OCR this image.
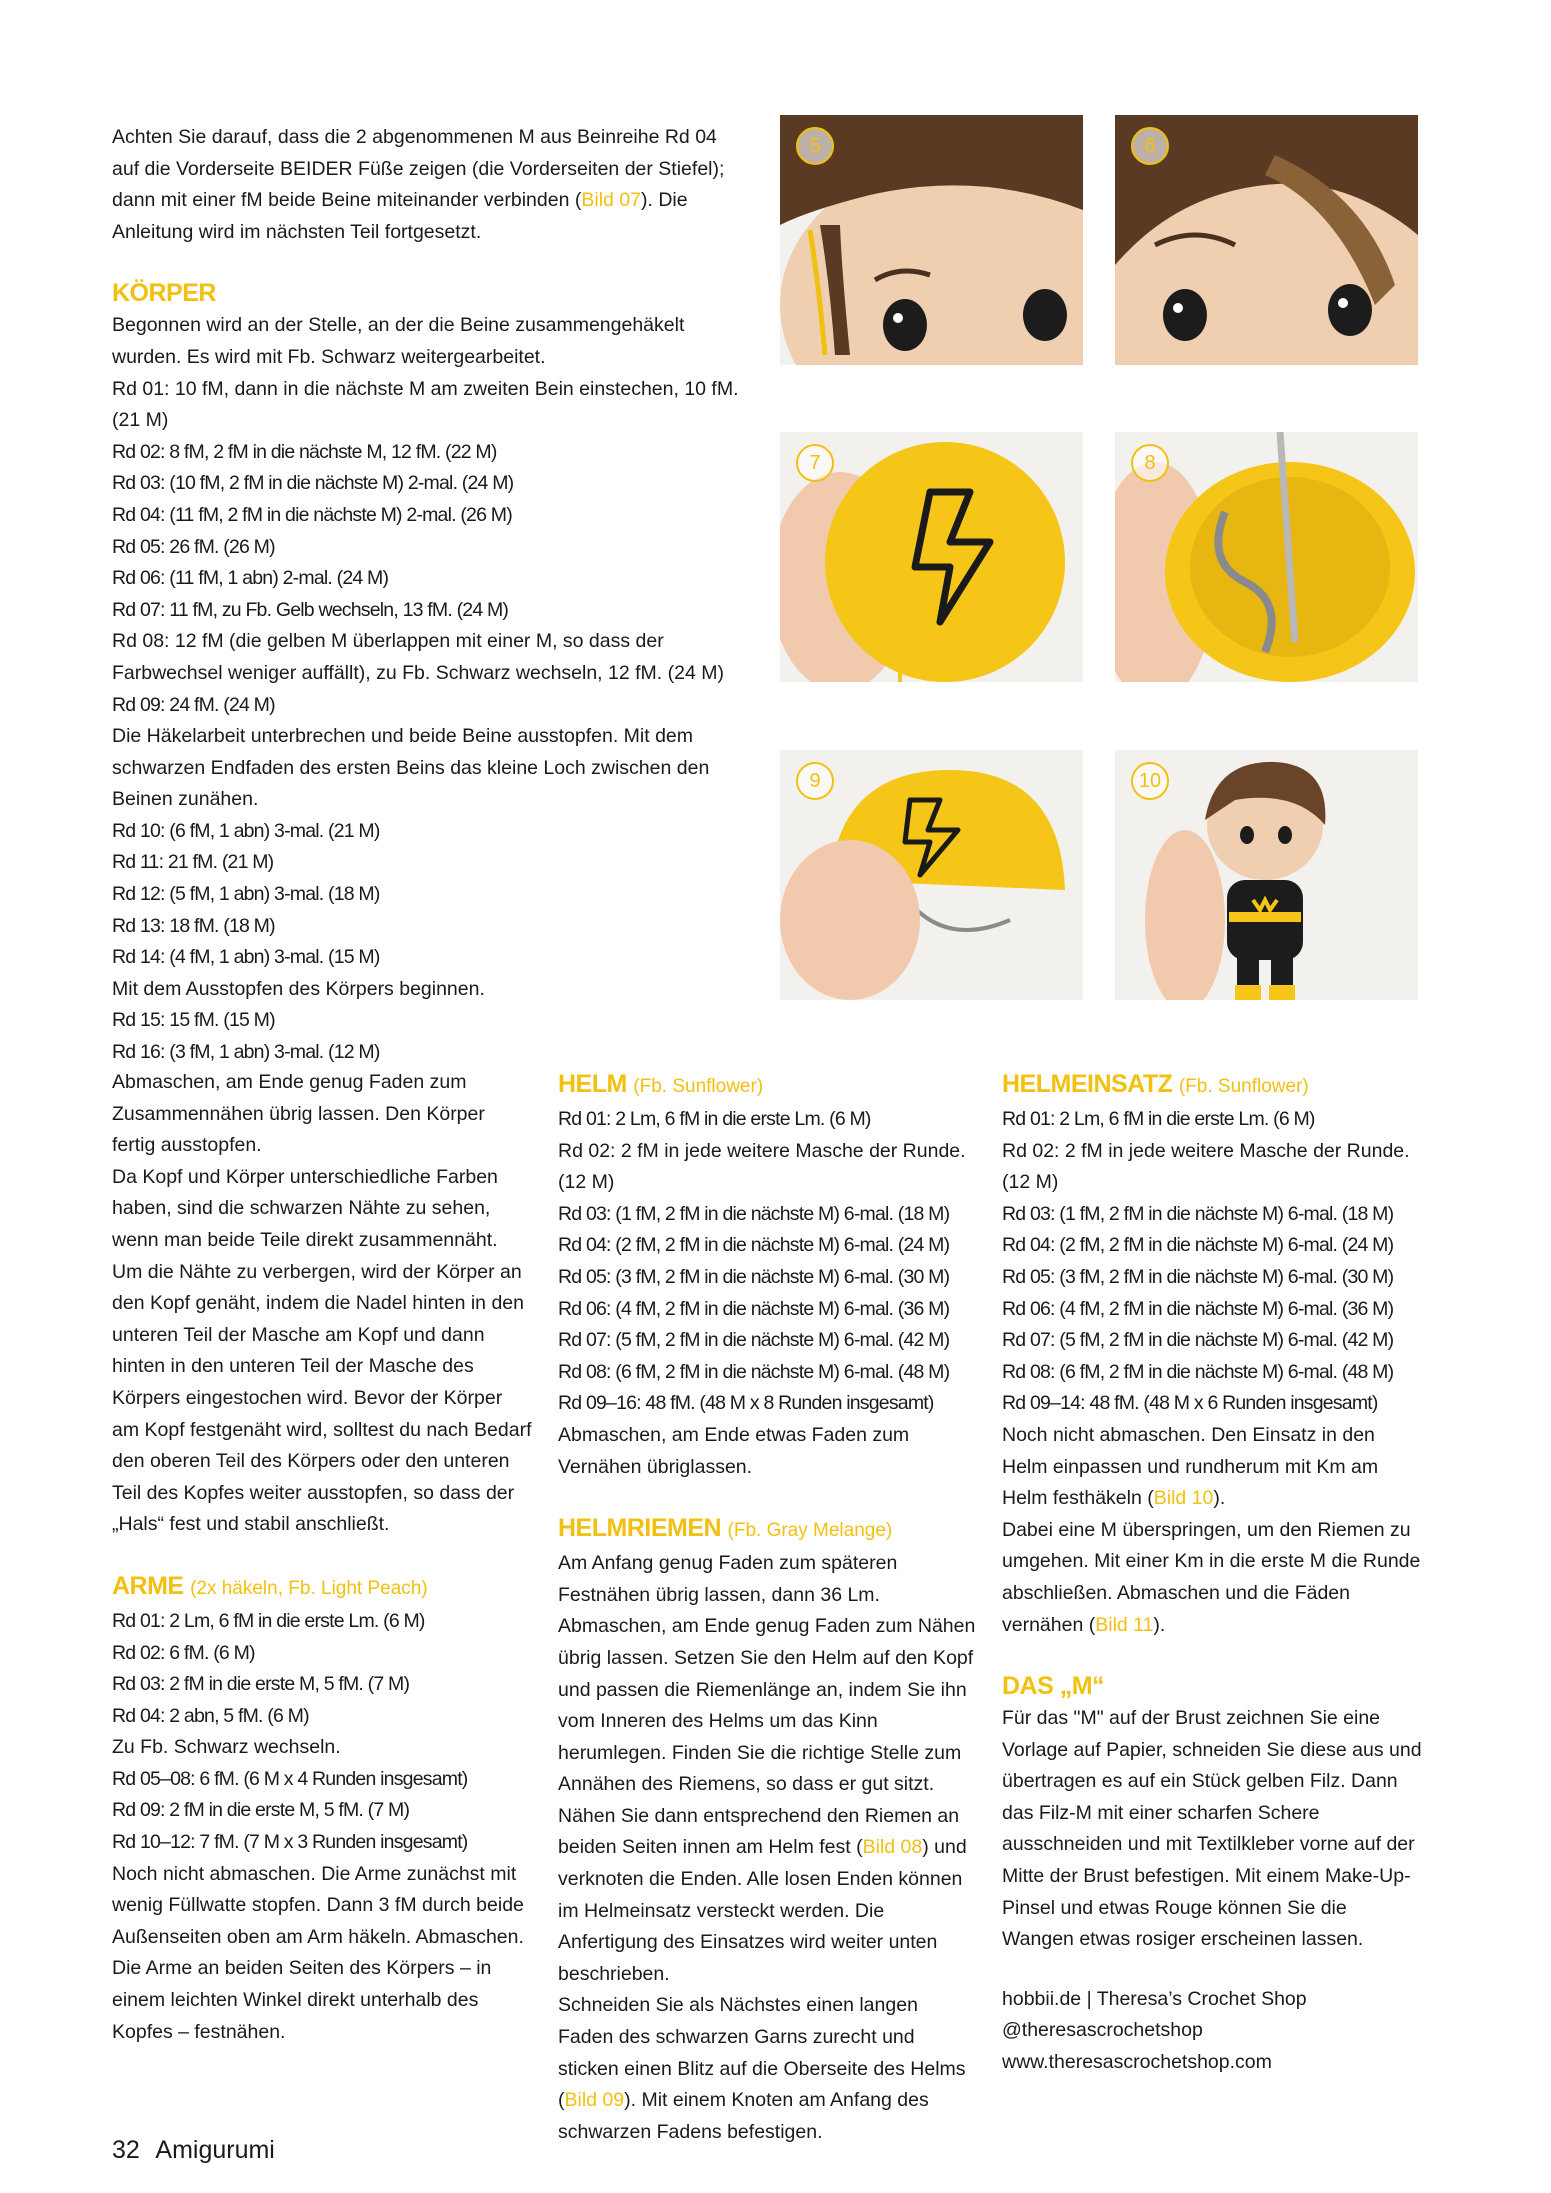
Achten Sie darauf, dass die 2 abgenommenen M aus Beinreihe Rd 04 auf die Vorderseite BEIDER Füße zeigen (die Vorderseiten der Stiefel); dann mit einer fM beide Beine miteinander verbinden (Bild 07). Die Anleitung wird im nächsten Teil fortgesetzt.

KÖRPER

Begonnen wird an der Stelle, an der die Beine zusammengehäkelt wurden. Es wird mit Fb. Schwarz weitergearbeitet.

Rd 01: 10 fM, dann in die nächste M am zweiten Bein einstechen, 10 fM. (21 M)

Rd 02: 8 fM, 2 fM in die nächste M, 12 fM. (22 M)

Rd 03: (10 fM, 2 fM in die nächste M) 2-mal. (24 M)

Rd 04: (11 fM, 2 fM in die nächste M) 2-mal. (26 M)

Rd 05: 26 fM. (26 M)

Rd 06: (11 fM, 1 abn) 2-mal. (24 M)

Rd 07: 11 fM, zu Fb. Gelb wechseln, 13 fM. (24 M)

Rd 08: 12 fM (die gelben M überlappen mit einer M, so dass der Farbwechsel weniger auffällt), zu Fb. Schwarz wechseln, 12 fM. (24 M)

Rd 09: 24 fM. (24 M)

Die Häkelarbeit unterbrechen und beide Beine ausstopfen. Mit dem schwarzen Endfaden des ersten Beins das kleine Loch zwischen den Beinen zunähen.

Rd 10: (6 fM, 1 abn) 3-mal. (21 M)

Rd 11: 21 fM. (21 M)

Rd 12: (5 fM, 1 abn) 3-mal. (18 M)

Rd 13: 18 fM. (18 M)

Rd 14: (4 fM, 1 abn) 3-mal. (15 M)

Mit dem Ausstopfen des Körpers beginnen.

Rd 15: 15 fM. (15 M)

Rd 16: (3 fM, 1 abn) 3-mal. (12 M)

5	6
7	8
9	10

Abmaschen, am Ende genug Faden zum Zusammennähen übrig lassen. Den Körper fertig ausstopfen.

Da Kopf und Körper unterschiedliche Farben haben, sind die schwarzen Nähte zu sehen, wenn man beide Teile direkt zusammennäht. Um die Nähte zu verbergen, wird der Körper an den Kopf genäht, indem die Nadel hinten in den unteren Teil der Masche am Kopf und dann hinten in den unteren Teil der Masche des Körpers eingestochen wird. Bevor der Körper am Kopf festgenäht wird, solltest du nach Bedarf den oberen Teil des Körpers oder den unteren Teil des Kopfes weiter ausstopfen, so dass der „Hals“ fest und stabil anschließt.

ARME (2x häkeln, Fb. Light Peach)

Rd 01: 2 Lm, 6 fM in die erste Lm. (6 M)

Rd 02: 6 fM. (6 M)

Rd 03: 2 fM in die erste M, 5 fM. (7 M)

Rd 04: 2 abn, 5 fM. (6 M)

Zu Fb. Schwarz wechseln.

Rd 05–08: 6 fM. (6 M x 4 Runden insgesamt)

Rd 09: 2 fM in die erste M, 5 fM. (7 M)

Rd 10–12: 7 fM. (7 M x 3 Runden insgesamt)

Noch nicht abmaschen. Die Arme zunächst mit wenig Füllwatte stopfen. Dann 3 fM durch beide Außenseiten oben am Arm häkeln. Abmaschen. Die Arme an beiden Seiten des Körpers – in einem leichten Winkel direkt unterhalb des Kopfes – festnähen.

HELM (Fb. Sunflower)

Rd 01: 2 Lm, 6 fM in die erste Lm. (6 M)

Rd 02: 2 fM in jede weitere Masche der Runde. (12 M)

Rd 03: (1 fM, 2 fM in die nächste M) 6-mal. (18 M)

Rd 04: (2 fM, 2 fM in die nächste M) 6-mal. (24 M)

Rd 05: (3 fM, 2 fM in die nächste M) 6-mal. (30 M)

Rd 06: (4 fM, 2 fM in die nächste M) 6-mal. (36 M)

Rd 07: (5 fM, 2 fM in die nächste M) 6-mal. (42 M)

Rd 08: (6 fM, 2 fM in die nächste M) 6-mal. (48 M)

Rd 09–16: 48 fM. (48 M x 8 Runden insgesamt)

Abmaschen, am Ende etwas Faden zum Vernähen übriglassen.

HELMRIEMEN (Fb. Gray Melange)

Am Anfang genug Faden zum späteren Festnähen übrig lassen, dann 36 Lm.

Abmaschen, am Ende genug Faden zum Nähen übrig lassen. Setzen Sie den Helm auf den Kopf und passen die Riemenlänge an, indem Sie ihn vom Inneren des Helms um das Kinn herumlegen. Finden Sie die richtige Stelle zum Annähen des Riemens, so dass er gut sitzt. Nähen Sie dann entsprechend den Riemen an beiden Seiten innen am Helm fest (Bild 08) und verknoten die Enden. Alle losen Enden können im Helmeinsatz versteckt werden. Die Anfertigung des Einsatzes wird weiter unten beschrieben.

Schneiden Sie als Nächstes einen langen Faden des schwarzen Garns zurecht und sticken einen Blitz auf die Oberseite des Helms (Bild 09). Mit einem Knoten am Anfang des schwarzen Fadens befestigen.

HELMEINSATZ (Fb. Sunflower)

Rd 01: 2 Lm, 6 fM in die erste Lm. (6 M)

Rd 02: 2 fM in jede weitere Masche der Runde. (12 M)

Rd 03: (1 fM, 2 fM in die nächste M) 6-mal. (18 M)

Rd 04: (2 fM, 2 fM in die nächste M) 6-mal. (24 M)

Rd 05: (3 fM, 2 fM in die nächste M) 6-mal. (30 M)

Rd 06: (4 fM, 2 fM in die nächste M) 6-mal. (36 M)

Rd 07: (5 fM, 2 fM in die nächste M) 6-mal. (42 M)

Rd 08: (6 fM, 2 fM in die nächste M) 6-mal. (48 M)

Rd 09–14: 48 fM. (48 M x 6 Runden insgesamt)

Noch nicht abmaschen. Den Einsatz in den Helm einpassen und rundherum mit Km am Helm festhäkeln (Bild 10).

Dabei eine M überspringen, um den Riemen zu umgehen. Mit einer Km in die erste M die Runde abschließen. Abmaschen und die Fäden vernähen (Bild 11).

DAS „M“

Für das "M" auf der Brust zeichnen Sie eine Vorlage auf Papier, schneiden Sie diese aus und übertragen es auf ein Stück gelben Filz. Dann das Filz-M mit einer scharfen Schere ausschneiden und mit Textilkleber vorne auf der Mitte der Brust befestigen. Mit einem Make-Up-Pinsel und etwas Rouge können Sie die Wangen etwas rosiger erscheinen lassen.

hobbii.de | Theresa’s Crochet Shop

@theresascrochetshop

www.theresascrochetshop.com

32 Amigurumi
